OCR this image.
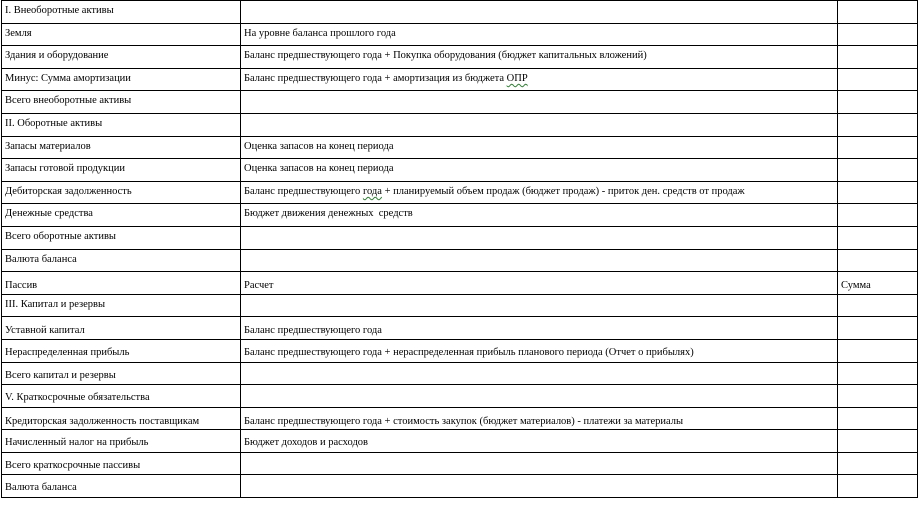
I. Внеоборотные активы		
Земля	На уровне баланса прошлого года	
Здания и оборудование	Баланс предшествующего года + Покупка оборудования (бюджет капитальных вложений)	
Минус: Сумма амортизации	Баланс предшествующего года + амортизация из бюджета ОПР	
Всего внеоборотные активы		
II. Оборотные активы		
Запасы материалов	Оценка запасов на конец периода	
Запасы готовой продукции	Оценка запасов на конец периода	
Дебиторская задолженность	Баланс предшествующего года + планируемый объем продаж (бюджет продаж) - приток ден. средств от продаж	
Денежные средства	Бюджет движения денежных  средств	
Всего оборотные активы		
Валюта баланса		
Пассив	Расчет	Сумма
III. Капитал и резервы		
Уставной капитал	Баланс предшествующего года	
Нераспределенная прибыль	Баланс предшествующего года + нераспределенная прибыль планового периода (Отчет о прибылях)	
Всего капитал и резервы		
V. Краткосрочные обязательства		
Кредиторская задолженность поставщикам	Баланс предшествующего года + стоимость закупок (бюджет материалов) - платежи за материалы	
Начисленный налог на прибыль	Бюджет доходов и расходов	
Всего краткосрочные пассивы		
Валюта баланса		
